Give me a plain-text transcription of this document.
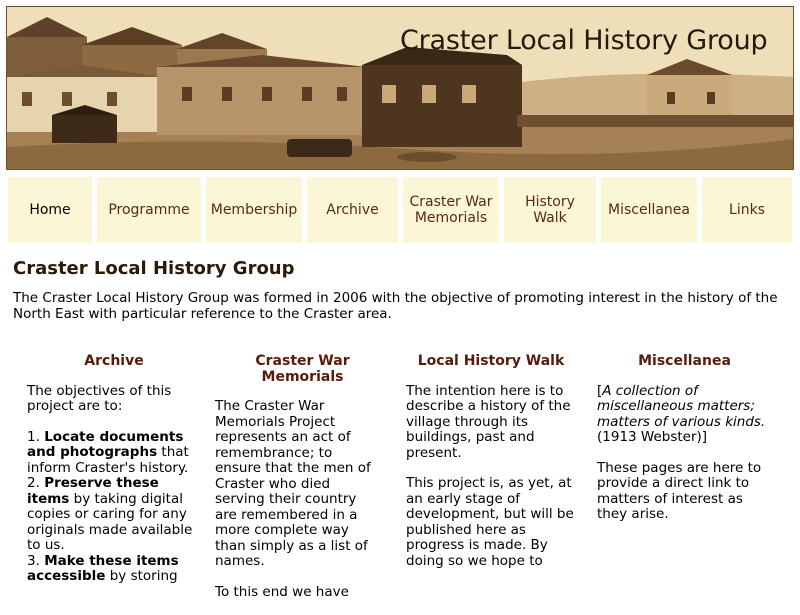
Craster Local History Group
Home	Programme	Membership	Archive	Craster War Memorials
History Walk	Miscellanea	Links
Craster Local History Group

The Craster Local History Group was formed in 2006 with the objective of promoting interest in the history of the North East with particular reference to the Craster area.

Archive

The objectives of this project are to:

1. Locate documents and photographs that inform Craster's history.
2. Preserve these items by taking digital copies or caring for any originals made available to us.
3. Make these items accessible by storing
Craster War Memorials

The Craster War Memorials Project represents an act of remembrance; to ensure that the men of Craster who died serving their country are remembered in a more complete way than simply as a list of names.

To this end we have

Local History Walk

The intention here is to describe a history of the village through its buildings, past and present.

This project is, as yet, at an early stage of development, but will be published here as progress is made. By doing so we hope to

Miscellanea

[A collection of miscellaneous matters; matters of various kinds. (1913 Webster)]

These pages are here to provide a direct link to matters of interest as they arise.
